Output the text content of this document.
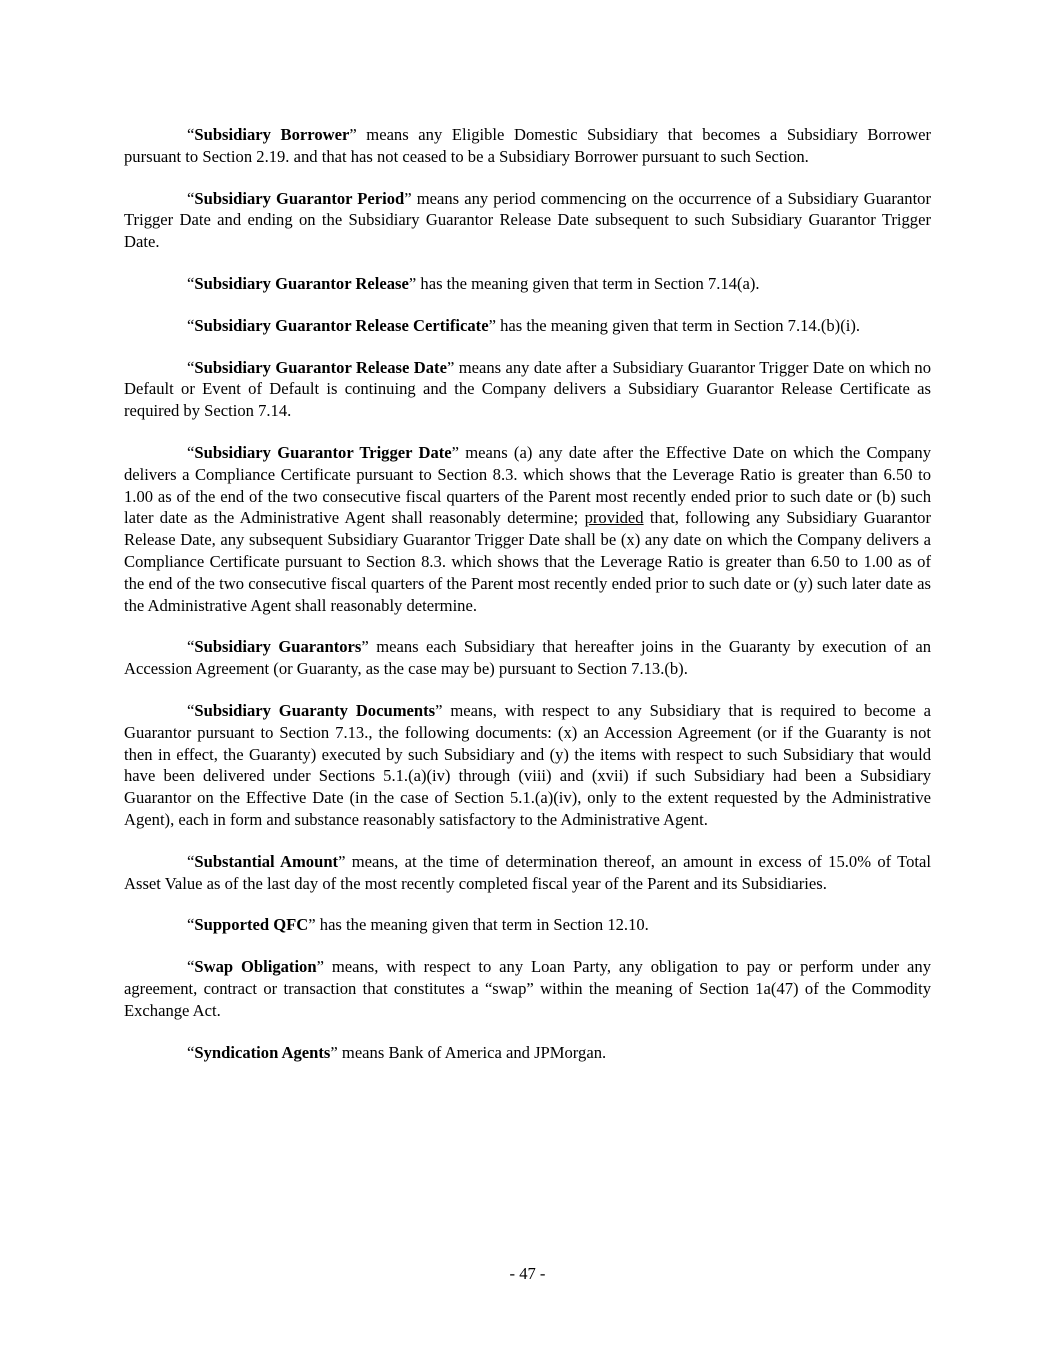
“Subsidiary Borrower” means any Eligible Domestic Subsidiary that becomes a Subsidiary Borrower pursuant to Section 2.19. and that has not ceased to be a Subsidiary Borrower pursuant to such Section.

“Subsidiary Guarantor Period” means any period commencing on the occurrence of a Subsidiary Guarantor Trigger Date and ending on the Subsidiary Guarantor Release Date subsequent to such Subsidiary Guarantor Trigger Date.

“Subsidiary Guarantor Release” has the meaning given that term in Section 7.14(a).

“Subsidiary Guarantor Release Certificate” has the meaning given that term in Section 7.14.(b)(i).

“Subsidiary Guarantor Release Date” means any date after a Subsidiary Guarantor Trigger Date on which no Default or Event of Default is continuing and the Company delivers a Subsidiary Guarantor Release Certificate as required by Section 7.14.

“Subsidiary Guarantor Trigger Date” means (a) any date after the Effective Date on which the Company delivers a Compliance Certificate pursuant to Section 8.3. which shows that the Leverage Ratio is greater than 6.50 to 1.00 as of the end of the two consecutive fiscal quarters of the Parent most recently ended prior to such date or (b) such later date as the Administrative Agent shall reasonably determine; provided that, following any Subsidiary Guarantor Release Date, any subsequent Subsidiary Guarantor Trigger Date shall be (x) any date on which the Company delivers a Compliance Certificate pursuant to Section 8.3. which shows that the Leverage Ratio is greater than 6.50 to 1.00 as of the end of the two consecutive fiscal quarters of the Parent most recently ended prior to such date or (y) such later date as the Administrative Agent shall reasonably determine.

“Subsidiary Guarantors” means each Subsidiary that hereafter joins in the Guaranty by execution of an Accession Agreement (or Guaranty, as the case may be) pursuant to Section 7.13.(b).

“Subsidiary Guaranty Documents” means, with respect to any Subsidiary that is required to become a Guarantor pursuant to Section 7.13., the following documents: (x) an Accession Agreement (or if the Guaranty is not then in effect, the Guaranty) executed by such Subsidiary and (y) the items with respect to such Subsidiary that would have been delivered under Sections 5.1.(a)(iv) through (viii) and (xvii) if such Subsidiary had been a Subsidiary Guarantor on the Effective Date (in the case of Section 5.1.(a)(iv), only to the extent requested by the Administrative Agent), each in form and substance reasonably satisfactory to the Administrative Agent.

“Substantial Amount” means, at the time of determination thereof, an amount in excess of 15.0% of Total Asset Value as of the last day of the most recently completed fiscal year of the Parent and its Subsidiaries.

“Supported QFC” has the meaning given that term in Section 12.10.

“Swap Obligation” means, with respect to any Loan Party, any obligation to pay or perform under any agreement, contract or transaction that constitutes a “swap” within the meaning of Section 1a(47) of the Commodity Exchange Act.

“Syndication Agents” means Bank of America and JPMorgan.

- 47 -
